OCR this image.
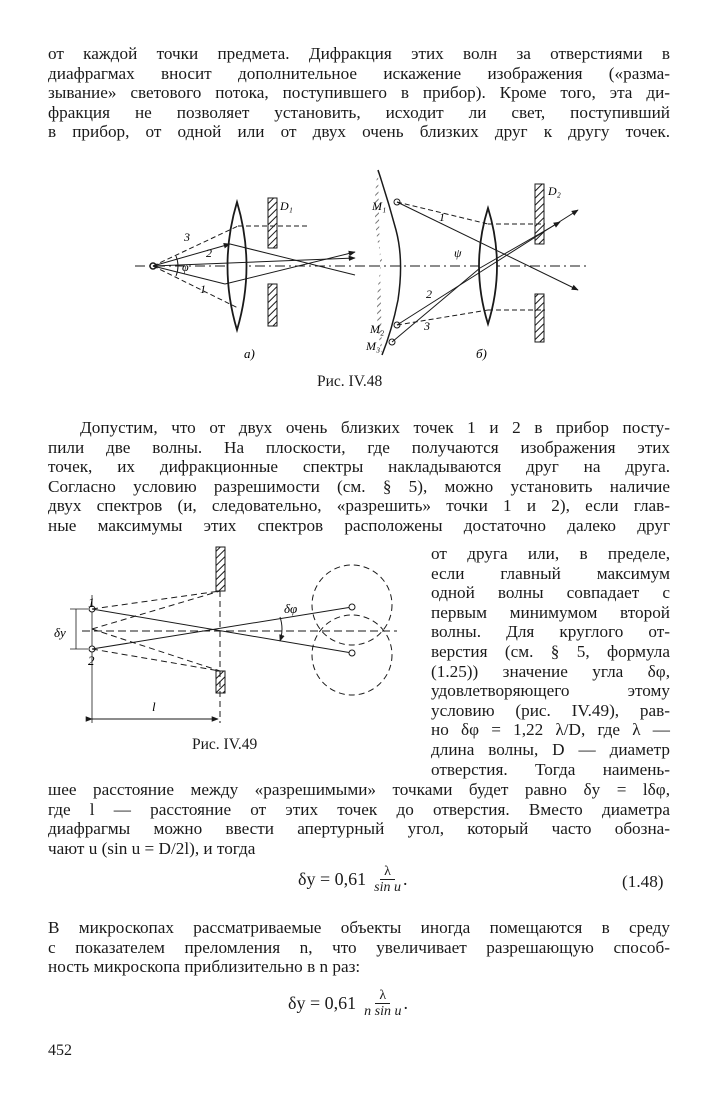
от каждой точки предмета. Дифракция этих волн за отверстиями в
диафрагмах вносит дополнительное искажение изображения («разма-
зывание» светового потока, поступившего в прибор). Кроме того, эта ди-
фракция не позволяет установить, исходит ли свет, поступивший
в прибор, от одной или от двух очень близких друг к другу точек.
D₁
3
2
φ
1
а)
D₂
M₁
M₂
M₃
1
2
3
ψ
б)
Рис. IV.48
Допустим, что от двух очень близких точек 1 и 2 в прибор посту-
пили две волны. На плоскости, где получаются изображения этих
точек, их дифракционные спектры накладываются друг на друга.
Согласно условию разрешимости (см. § 5), можно установить наличие
двух спектров (и, следовательно, «разрешить» точки 1 и 2), если глав-
ные максимумы этих спектров расположены достаточно далеко друг
1
2
δy
δφ
l
Рис. IV.49
от друга или, в пределе,
если главный максимум
одной волны совпадает с
первым минимумом второй
волны. Для круглого от-
верстия (см. § 5, формула
(1.25)) значение угла δφ,
удовлетворяющего этому
условию (рис. IV.49), рав-
но δφ = 1,22 λ/D, где λ —
длина волны, D — диаметр
отверстия. Тогда наимень-
шее расстояние между «разрешимыми» точками будет равно δy = lδφ,
где l — расстояние от этих точек до отверстия. Вместо диаметра
диафрагмы можно ввести апертурный угол, который часто обозна-
чают u (sin u = D/2l), и тогда
$\delta y = 0,61 \frac{\lambda}{\text{sin u}}$ .	(1.48)
В микроскопах рассматриваемые объекты иногда помещаются в среду
с показателем преломления n, что увеличивает разрешающую способ-
ность микроскопа приблизительно в n раз:
$\delta y = 0,61 \frac{\lambda}{\text{n sin u}}$ .
452
